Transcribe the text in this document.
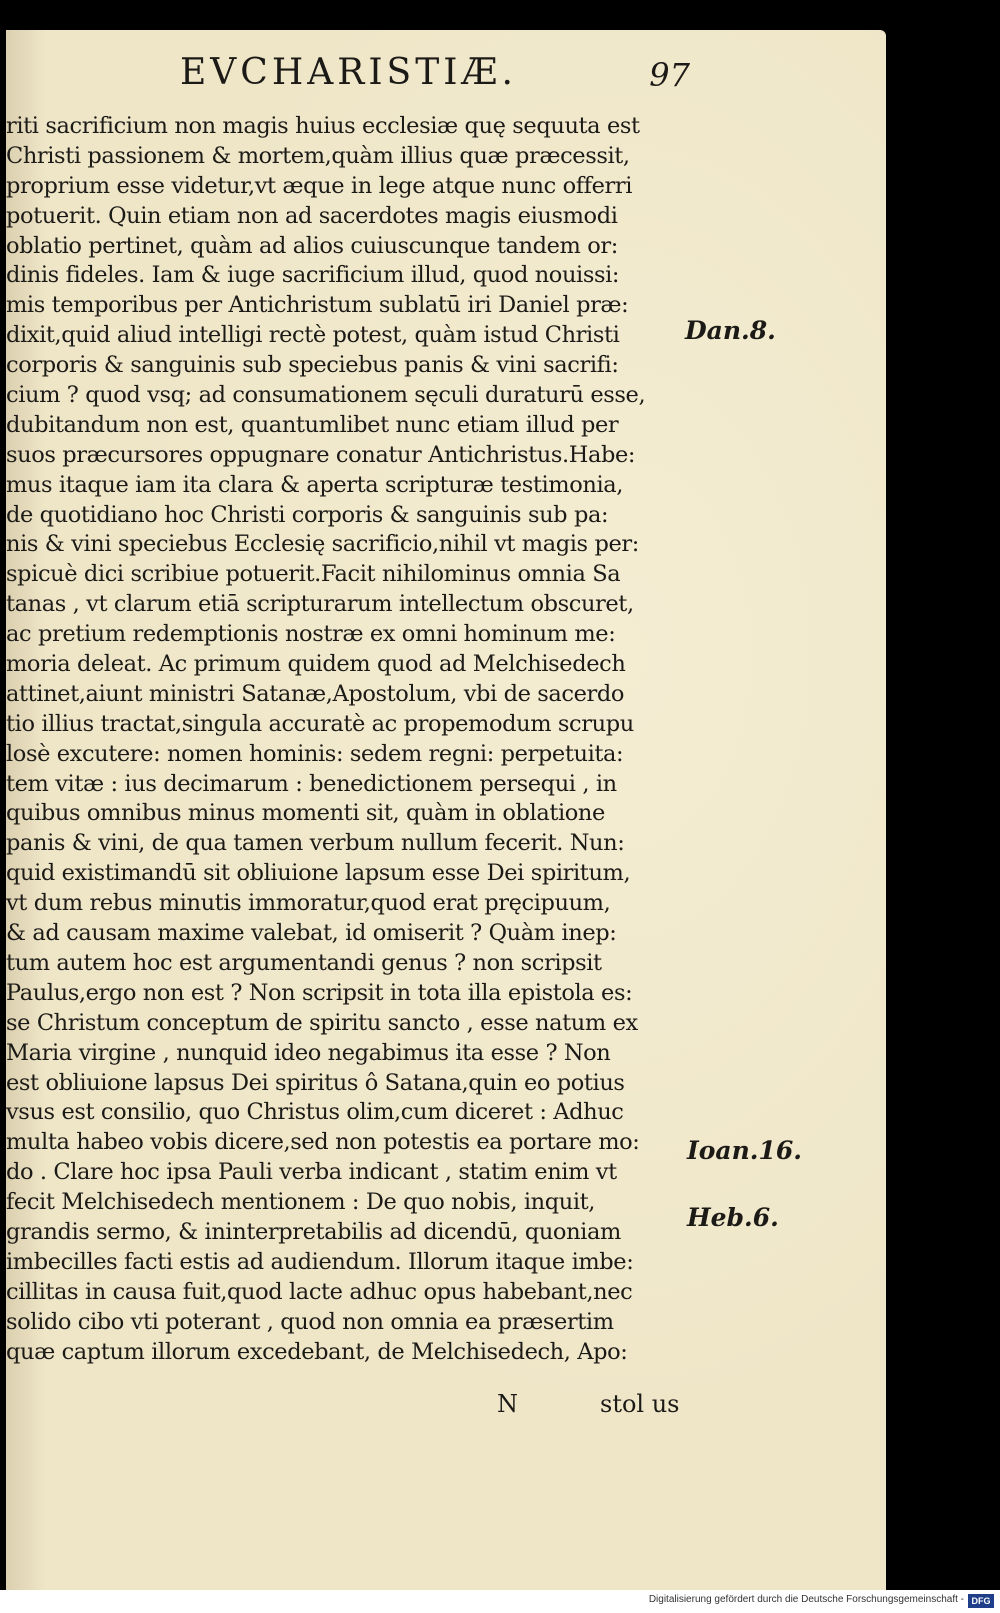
EVCHARISTIÆ.	97
riti sacrificium non magis huius ecclesiæ quę sequuta est
Christi passionem & mortem,quàm illius quæ præcessit,
proprium esse videtur,vt æque in lege atque nunc offerri
potuerit. Quin etiam non ad sacerdotes magis eiusmodi
oblatio pertinet, quàm ad alios cuiuscunque tandem or:
dinis fideles. Iam & iuge sacrificium illud, quod nouissi:
mis temporibus per Antichristum sublatū iri Daniel præ:
dixit,quid aliud intelligi rectè potest, quàm istud Christi
corporis & sanguinis sub speciebus panis & vini sacrifi:
cium ? quod vsq; ad consumationem sęculi duraturū esse,
dubitandum non est, quantumlibet nunc etiam illud per
suos præcursores oppugnare conatur Antichristus.Habe:
mus itaque iam ita clara & aperta scripturæ testimonia,
de quotidiano hoc Christi corporis & sanguinis sub pa:
nis & vini speciebus Ecclesię sacrificio,nihil vt magis per:
spicuè dici scribiue potuerit.Facit nihilominus omnia Sa
tanas , vt clarum etiā scripturarum intellectum obscuret,
ac pretium redemptionis nostræ ex omni hominum me:
moria deleat. Ac primum quidem quod ad Melchisedech
attinet,aiunt ministri Satanæ,Apostolum, vbi de sacerdo
tio illius tractat,singula accuratè ac propemodum scrupu
losè excutere: nomen hominis: sedem regni: perpetuita:
tem vitæ : ius decimarum : benedictionem persequi , in
quibus omnibus minus momenti sit, quàm in oblatione
panis & vini, de qua tamen verbum nullum fecerit. Nun:
quid existimandū sit obliuione lapsum esse Dei spiritum,
vt dum rebus minutis immoratur,quod erat pręcipuum,
& ad causam maxime valebat, id omiserit ? Quàm inep:
tum autem hoc est argumentandi genus ? non scripsit
Paulus,ergo non est ? Non scripsit in tota illa epistola es:
se Christum conceptum de spiritu sancto , esse natum ex
Maria virgine , nunquid ideo negabimus ita esse ? Non
est obliuione lapsus Dei spiritus ô Satana,quin eo potius
vsus est consilio, quo Christus olim,cum diceret : Adhuc
multa habeo vobis dicere,sed non potestis ea portare mo:
do . Clare hoc ipsa Pauli verba indicant , statim enim vt
fecit Melchisedech mentionem : De quo nobis, inquit,
grandis sermo, & ininterpretabilis ad dicendū, quoniam
imbecilles facti estis ad audiendum. Illorum itaque imbe:
cillitas in causa fuit,quod lacte adhuc opus habebant,nec
solido cibo vti poterant , quod non omnia ea præsertim
quæ captum illorum excedebant, de Melchisedech, Apo:
Dan.8.
Ioan.16.
Heb.6.
N	stol us
Digitalisierung gefördert durch die Deutsche Forschungsgemeinschaft - DFG
